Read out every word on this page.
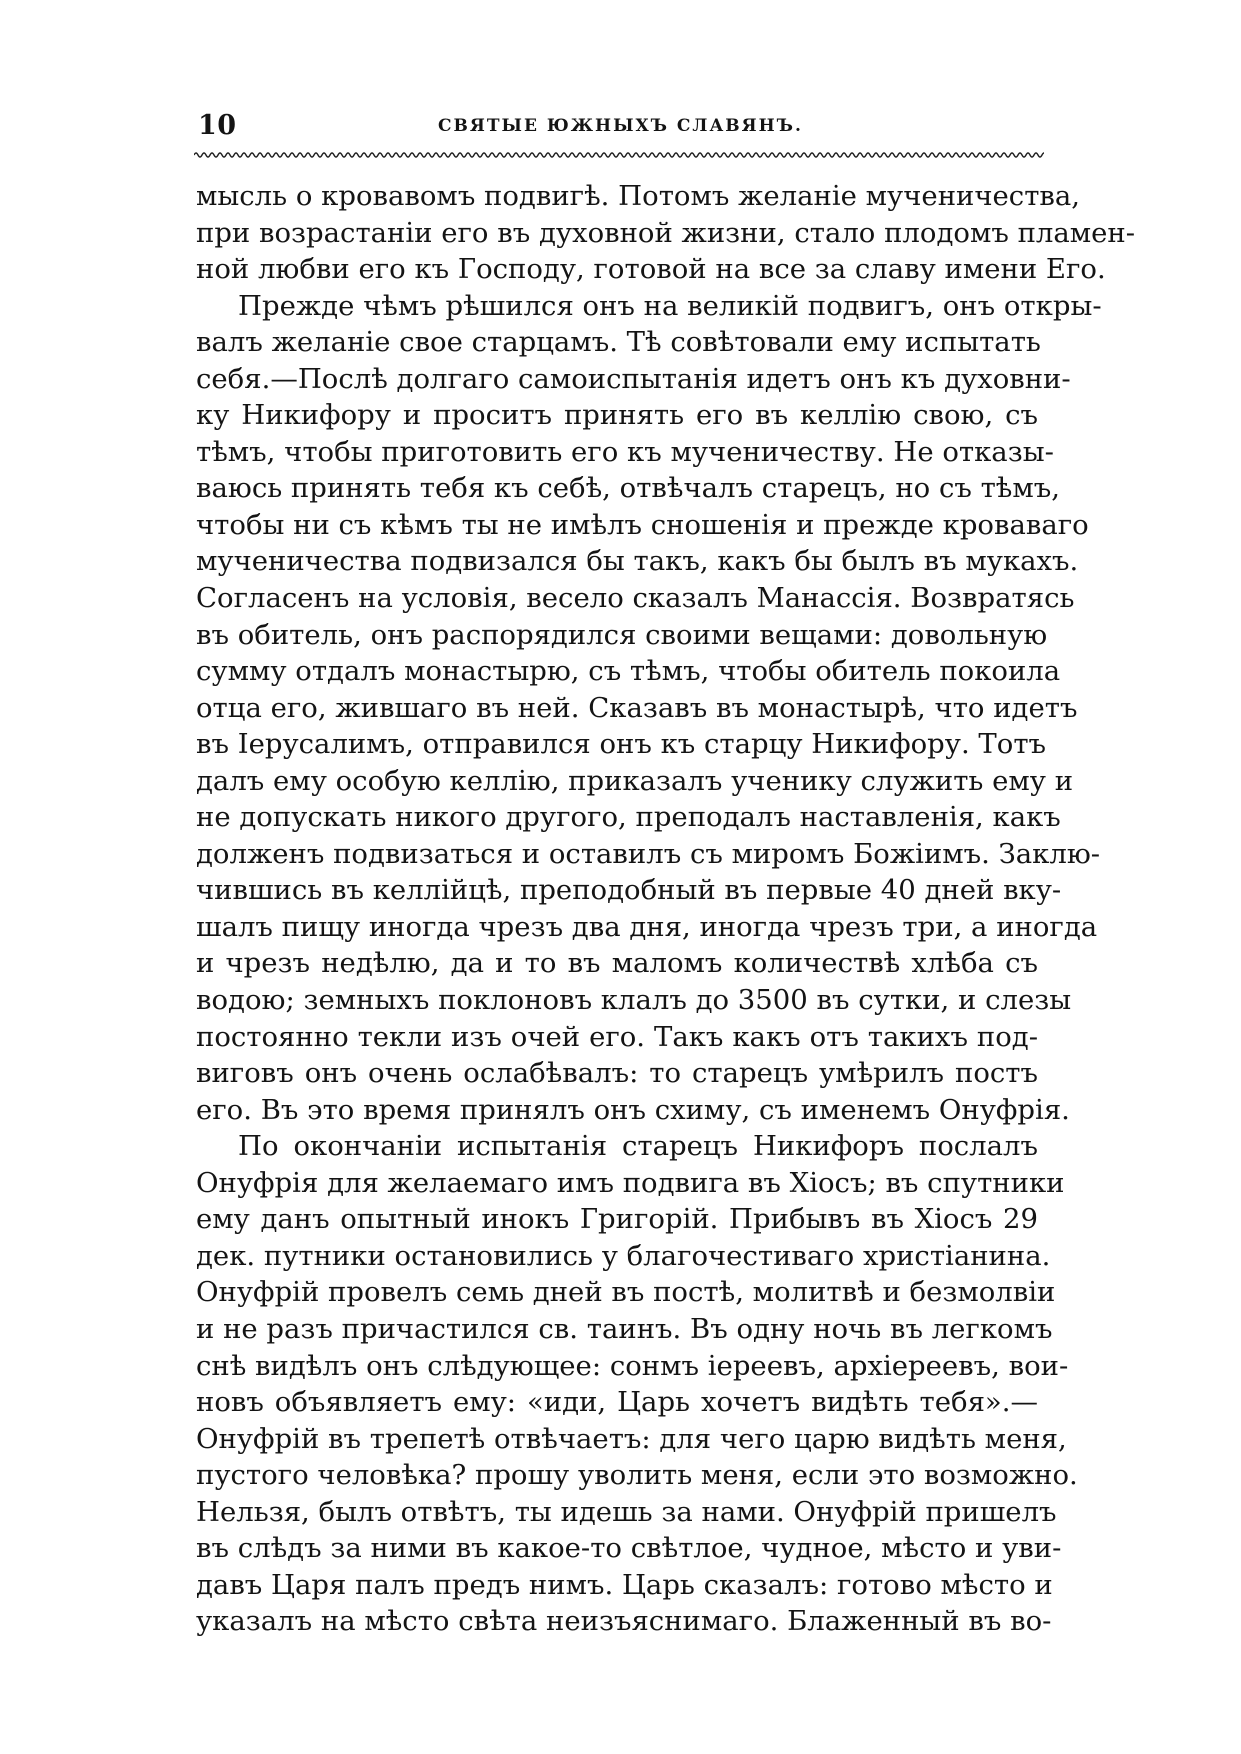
10	СВЯТЫЕ ЮЖНЫХЪ СЛАВЯНЪ.
мысль о кровавомъ подвигѣ. Потомъ желаніе мученичества,
при возрастаніи его въ духовной жизни, стало плодомъ пламен-
ной любви его къ Господу, готовой на все за славу имени Его.
Прежде чѣмъ рѣшился онъ на великій подвигъ, онъ откры-
валъ желаніе свое старцамъ. Тѣ совѣтовали ему испытать
себя.—Послѣ долгаго самоиспытанія идетъ онъ къ духовни-
ку Никифору и проситъ принять его въ келлію свою, съ
тѣмъ, чтобы приготовить его къ мученичеству. Не отказы-
ваюсь принять тебя къ себѣ, отвѣчалъ старецъ, но съ тѣмъ,
чтобы ни съ кѣмъ ты не имѣлъ сношенія и прежде кроваваго
мученичества подвизался бы такъ, какъ бы былъ въ мукахъ.
Согласенъ на условія, весело сказалъ Манассія. Возвратясь
въ обитель, онъ распорядился своими вещами: довольную
сумму отдалъ монастырю, съ тѣмъ, чтобы обитель покоила
отца его, жившаго въ ней. Сказавъ въ монастырѣ, что идетъ
въ Іерусалимъ, отправился онъ къ старцу Никифору. Тотъ
далъ ему особую келлію, приказалъ ученику служить ему и
не допускать никого другого, преподалъ наставленія, какъ
долженъ подвизаться и оставилъ съ миромъ Божіимъ. Заклю-
чившись въ келлійцѣ, преподобный въ первые 40 дней вку-
шалъ пищу иногда чрезъ два дня, иногда чрезъ три, а иногда
и чрезъ недѣлю, да и то въ маломъ количествѣ хлѣба съ
водою; земныхъ поклоновъ клалъ до 3500 въ сутки, и слезы
постоянно текли изъ очей его. Такъ какъ отъ такихъ под-
виговъ онъ очень ослабѣвалъ: то старецъ умѣрилъ постъ
его. Въ это время принялъ онъ схиму, съ именемъ Онуфрія.
По окончаніи испытанія старецъ Никифоръ послалъ
Онуфрія для желаемаго имъ подвига въ Хіосъ; въ спутники
ему данъ опытный инокъ Григорій. Прибывъ въ Хіосъ 29
дек. путники остановились у благочестиваго христіанина.
Онуфрій провелъ семь дней въ постѣ, молитвѣ и безмолвіи
и не разъ причастился св. таинъ. Въ одну ночь въ легкомъ
снѣ видѣлъ онъ слѣдующее: сонмъ іереевъ, архіереевъ, вои-
новъ объявляетъ ему: «иди, Царь хочетъ видѣть тебя».—
Онуфрій въ трепетѣ отвѣчаетъ: для чего царю видѣть меня,
пустого человѣка? прошу уволить меня, если это возможно.
Нельзя, былъ отвѣтъ, ты идешь за нами. Онуфрій пришелъ
въ слѣдъ за ними въ какое-то свѣтлое, чудное, мѣсто и уви-
давъ Царя палъ предъ нимъ. Царь сказалъ: готово мѣсто и
указалъ на мѣсто свѣта неизъяснимаго. Блаженный въ во-
